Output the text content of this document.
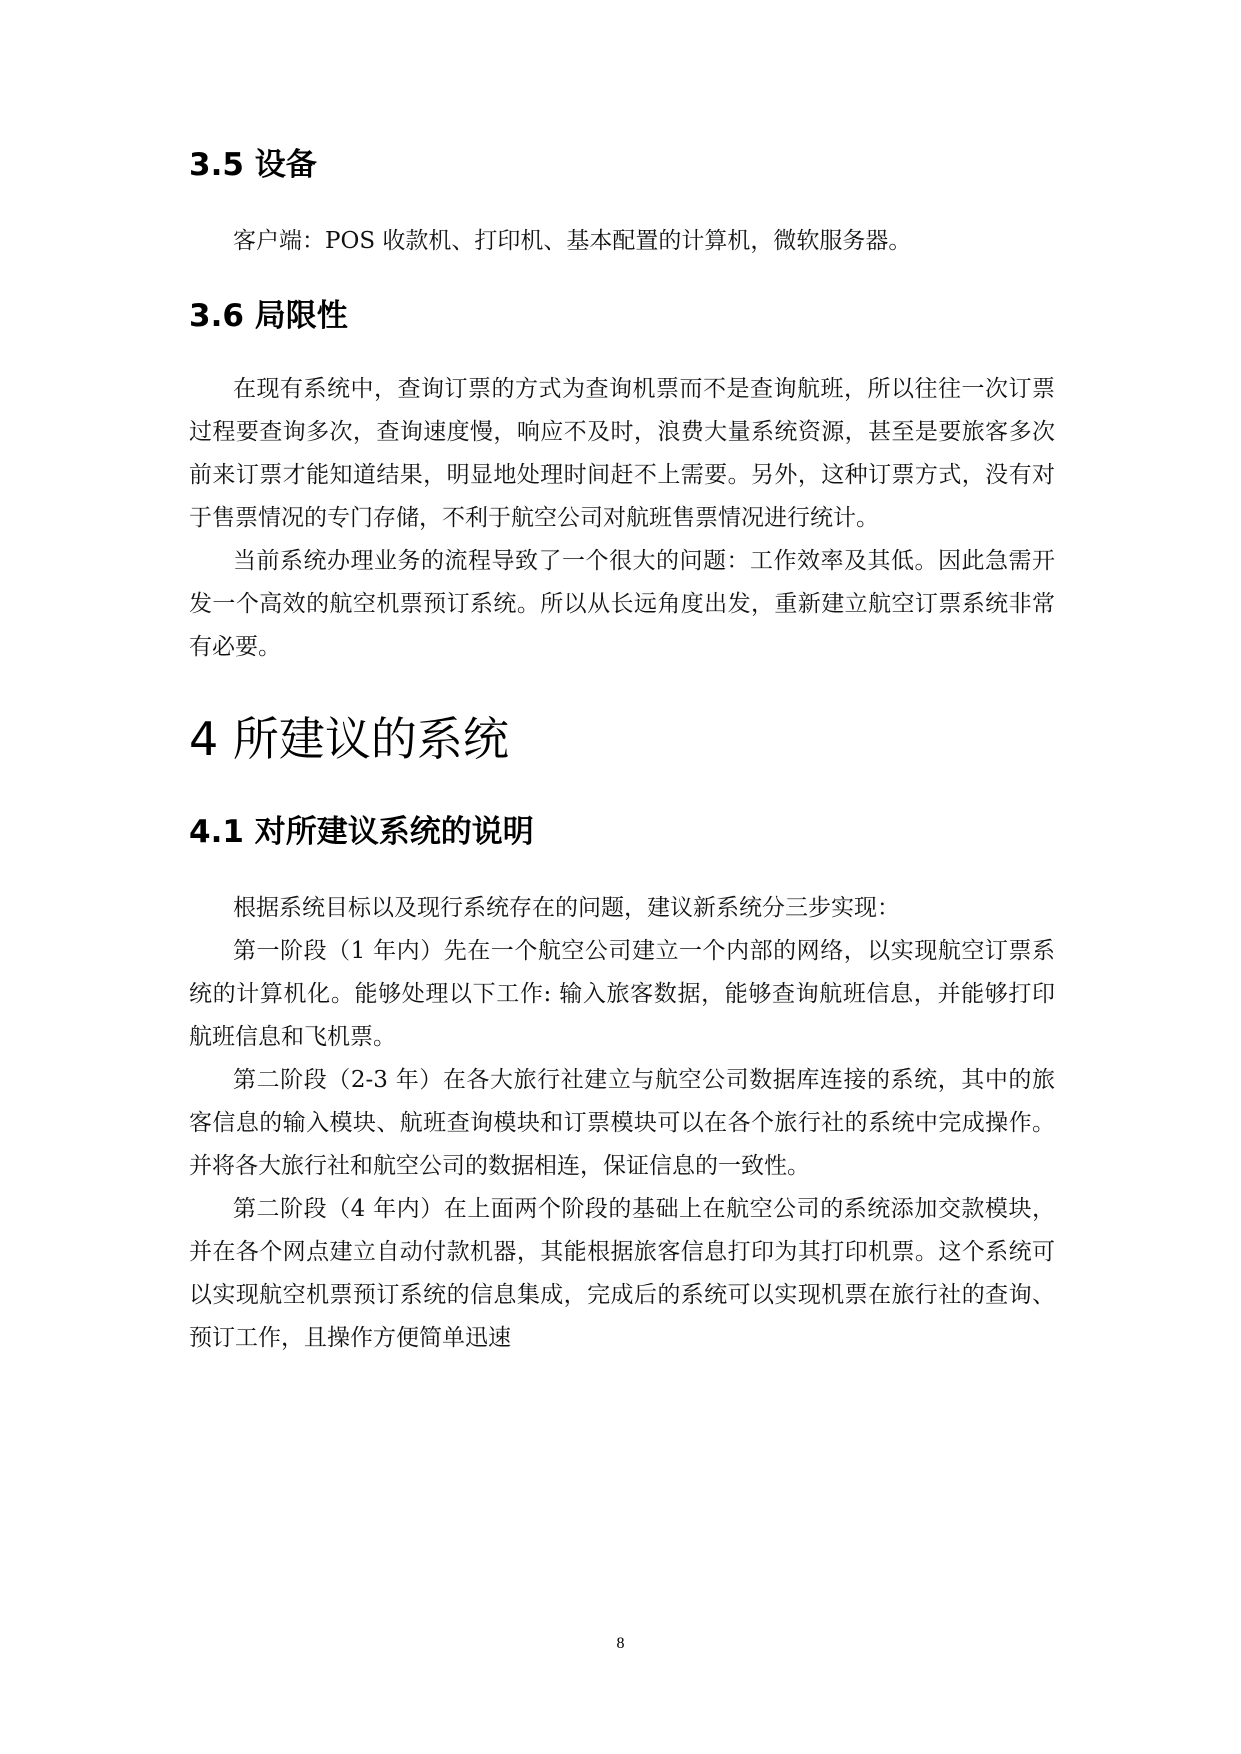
3.5 设备

客户端：POS 收款机、打印机、基本配置的计算机，微软服务器。

3.6 局限性

在现有系统中，查询订票的方式为查询机票而不是查询航班，所以往往一次订票过程要查询多次，查询速度慢，响应不及时，浪费大量系统资源，甚至是要旅客多次前来订票才能知道结果，明显地处理时间赶不上需要。另外，这种订票方式，没有对于售票情况的专门存储，不利于航空公司对航班售票情况进行统计。

当前系统办理业务的流程导致了一个很大的问题：工作效率及其低。因此急需开发一个高效的航空机票预订系统。所以从长远角度出发，重新建立航空订票系统非常有必要。

4 所建议的系统
4.1 对所建议系统的说明

根据系统目标以及现行系统存在的问题，建议新系统分三步实现：

第一阶段（1 年内）先在一个航空公司建立一个内部的网络，以实现航空订票系统的计算机化。能够处理以下工作: 输入旅客数据，能够查询航班信息，并能够打印航班信息和飞机票。

第二阶段（2-3 年）在各大旅行社建立与航空公司数据库连接的系统，其中的旅客信息的输入模块、航班查询模块和订票模块可以在各个旅行社的系统中完成操作。并将各大旅行社和航空公司的数据相连，保证信息的一致性。

第二阶段（4 年内）在上面两个阶段的基础上在航空公司的系统添加交款模块，并在各个网点建立自动付款机器，其能根据旅客信息打印为其打印机票。这个系统可以实现航空机票预订系统的信息集成，完成后的系统可以实现机票在旅行社的查询、预订工作，且操作方便简单迅速

8
